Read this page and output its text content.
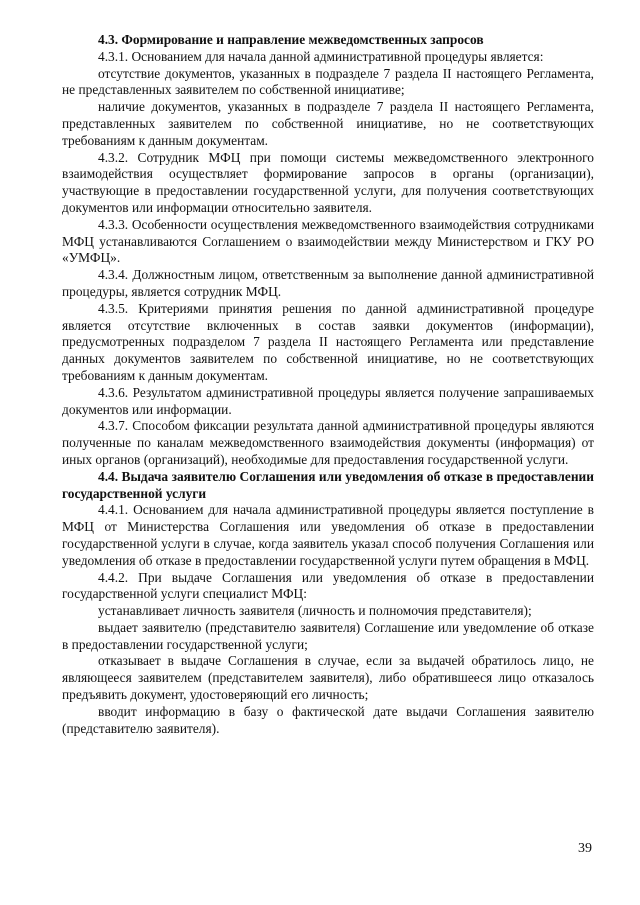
4.3. Формирование и направление межведомственных запросов

4.3.1. Основанием для начала данной административной процедуры является:

отсутствие документов, указанных в подразделе 7 раздела II настоящего Регламента, не представленных заявителем по собственной инициативе;

наличие документов, указанных в подразделе 7 раздела II настоящего Регламента, представленных заявителем по собственной инициативе, но не соответствующих требованиям к данным документам.

4.3.2. Сотрудник МФЦ при помощи системы межведомственного электронного взаимодействия осуществляет формирование запросов в органы (организации), участвующие в предоставлении государственной услуги, для получения соответствующих документов или информации относительно заявителя.

4.3.3. Особенности осуществления межведомственного взаимодействия сотрудниками МФЦ устанавливаются Соглашением о взаимодействии между Министерством и ГКУ РО «УМФЦ».

4.3.4. Должностным лицом, ответственным за выполнение данной административной процедуры, является сотрудник МФЦ.

4.3.5. Критериями принятия решения по данной административной процедуре является отсутствие включенных в состав заявки документов (информации), предусмотренных подразделом 7 раздела II настоящего Регламента или представление данных документов заявителем по собственной инициативе, но не соответствующих требованиям к данным документам.

4.3.6. Результатом административной процедуры является получение запрашиваемых документов или информации.

4.3.7. Способом фиксации результата данной административной процедуры являются полученные по каналам межведомственного взаимодействия документы (информация) от иных органов (организаций), необходимые для предоставления государственной услуги.

4.4. Выдача заявителю Соглашения или уведомления об отказе в предоставлении государственной услуги

4.4.1. Основанием для начала административной процедуры является поступление в МФЦ от Министерства Соглашения или уведомления об отказе в предоставлении государственной услуги в случае, когда заявитель указал способ получения Соглашения или уведомления об отказе в предоставлении государственной услуги путем обращения в МФЦ.

4.4.2. При выдаче Соглашения или уведомления об отказе в предоставлении государственной услуги специалист МФЦ:

устанавливает личность заявителя (личность и полномочия представителя);

выдает заявителю (представителю заявителя) Соглашение или уведомление об отказе в предоставлении государственной услуги;

отказывает в выдаче Соглашения в случае, если за выдачей обратилось лицо, не являющееся заявителем (представителем заявителя), либо обратившееся лицо отказалось предъявить документ, удостоверяющий его личность;

вводит информацию в базу о фактической дате выдачи Соглашения заявителю (представителю заявителя).

39
